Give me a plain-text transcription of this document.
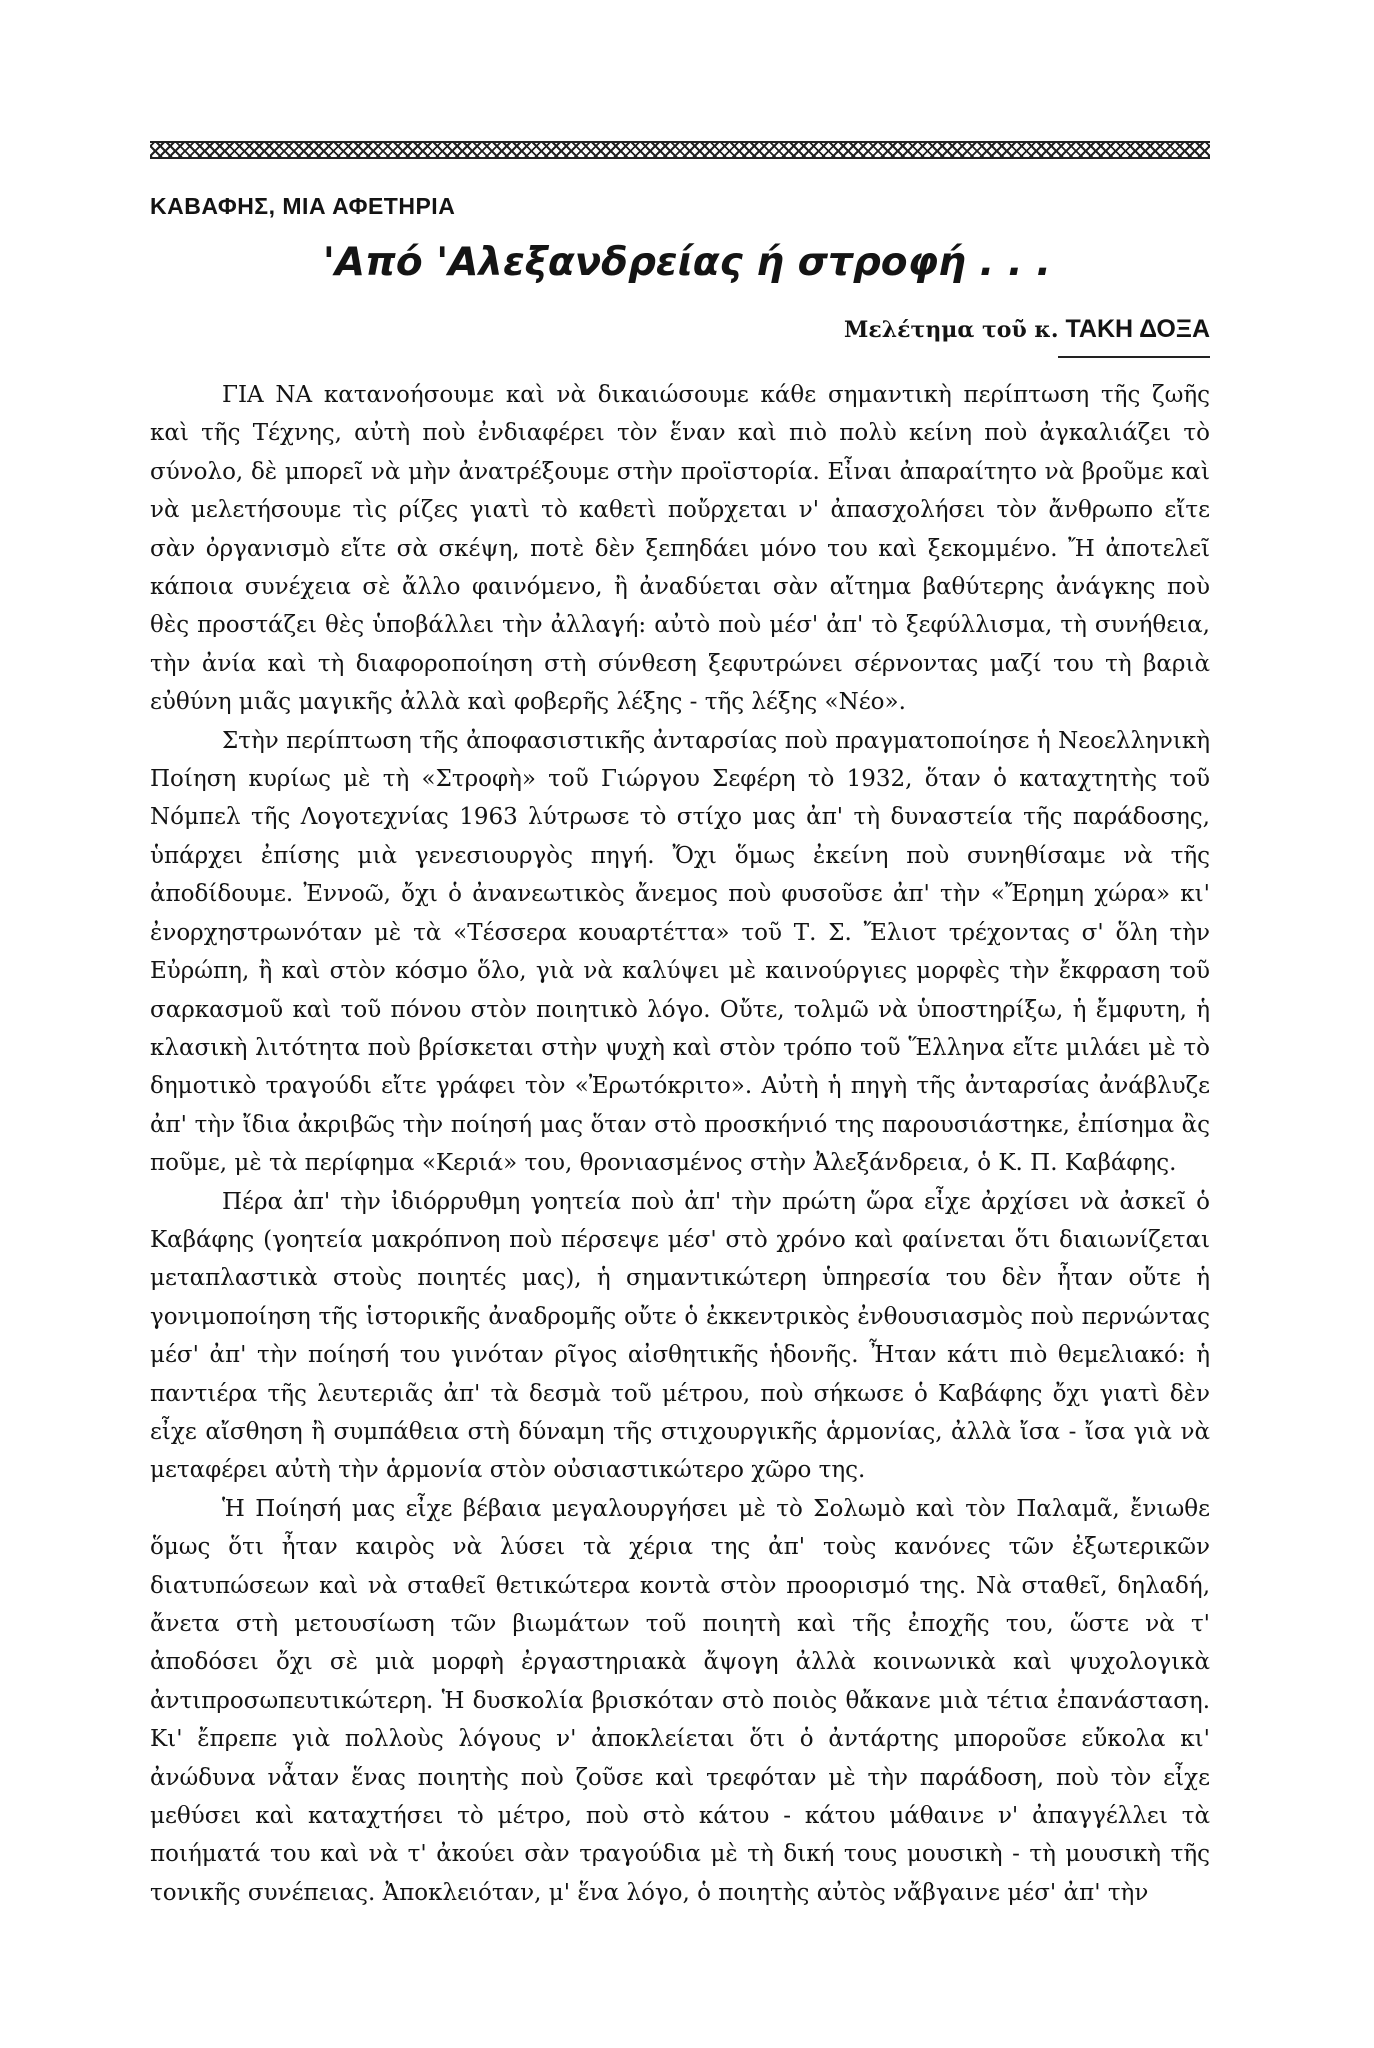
ΚΑΒΑΦΗΣ, ΜΙΑ ΑΦΕΤΗΡΙΑ
'Από 'Αλεξανδρείας ή στροφή . . .
Μελέτημα τοῦ κ. ΤΑΚΗ ΔΟΞΑ

ΓΙΑ ΝΑ κατανοήσουμε καὶ νὰ δικαιώσουμε κάθε σημαντικὴ περίπτωση τῆς ζωῆς καὶ τῆς Τέχνης, αὐτὴ ποὺ ἐνδιαφέρει τὸν ἕναν καὶ πιὸ πολὺ κείνη ποὺ ἀγκαλιάζει τὸ σύνολο, δὲ μπορεῖ νὰ μὴν ἀνατρέξουμε στὴν προϊστορία. Εἶναι ἀπαραίτητο νὰ βροῦμε καὶ νὰ μελετήσουμε τὶς ρίζες γιατὶ τὸ καθετὶ ποὔρχεται ν' ἀπασχολήσει τὸν ἄνθρωπο εἴτε σὰν ὀργανισμὸ εἴτε σὰ σκέψη, ποτὲ δὲν ξεπηδάει μόνο του καὶ ξεκομμένο. Ἤ ἀποτελεῖ κάποια συνέχεια σὲ ἄλλο φαινόμενο, ἢ ἀναδύεται σὰν αἴτημα βαθύτερης ἀνάγκης ποὺ θὲς προστάζει θὲς ὑποβάλλει τὴν ἀλλαγή: αὐτὸ ποὺ μέσ' ἀπ' τὸ ξεφύλλισμα, τὴ συνήθεια, τὴν ἀνία καὶ τὴ διαφοροποίηση στὴ σύνθεση ξεφυτρώνει σέρνοντας μαζί του τὴ βαριὰ εὐθύνη μιᾶς μαγικῆς ἀλλὰ καὶ φοβερῆς λέξης - τῆς λέξης «Νέο».

Στὴν περίπτωση τῆς ἀποφασιστικῆς ἀνταρσίας ποὺ πραγματοποίησε ἡ Νεοελληνικὴ Ποίηση κυρίως μὲ τὴ «Στροφὴ» τοῦ Γιώργου Σεφέρη τὸ 1932, ὅταν ὁ καταχτητὴς τοῦ Νόμπελ τῆς Λογοτεχνίας 1963 λύτρωσε τὸ στίχο μας ἀπ' τὴ δυναστεία τῆς παράδοσης, ὑπάρχει ἐπίσης μιὰ γενεσιουργὸς πηγή. Ὄχι ὅμως ἐκείνη ποὺ συνηθίσαμε νὰ τῆς ἀποδίδουμε. Ἐννοῶ, ὄχι ὁ ἀνανεωτικὸς ἄνεμος ποὺ φυσοῦσε ἀπ' τὴν «Ἔρημη χώρα» κι' ἐνορχηστρωνόταν μὲ τὰ «Τέσσερα κουαρτέττα» τοῦ Τ. Σ. Ἔλιοτ τρέχοντας σ' ὅλη τὴν Εὐρώπη, ἢ καὶ στὸν κόσμο ὅλο, γιὰ νὰ καλύψει μὲ καινούργιες μορφὲς τὴν ἔκφραση τοῦ σαρκασμοῦ καὶ τοῦ πόνου στὸν ποιητικὸ λόγο. Οὔτε, τολμῶ νὰ ὑποστηρίξω, ἡ ἔμφυτη, ἡ κλασικὴ λιτότητα ποὺ βρίσκεται στὴν ψυχὴ καὶ στὸν τρόπο τοῦ Ἕλληνα εἴτε μιλάει μὲ τὸ δημοτικὸ τραγούδι εἴτε γράφει τὸν «Ἐρωτόκριτο». Αὐτὴ ἡ πηγὴ τῆς ἀνταρσίας ἀνάβλυζε ἀπ' τὴν ἴδια ἀκριβῶς τὴν ποίησή μας ὅταν στὸ προσκήνιό της παρουσιάστηκε, ἐπίσημα ἂς ποῦμε, μὲ τὰ περίφημα «Κεριά» του, θρονιασμένος στὴν Ἀλεξάνδρεια, ὁ Κ. Π. Καβάφης.

Πέρα ἀπ' τὴν ἰδιόρρυθμη γοητεία ποὺ ἀπ' τὴν πρώτη ὥρα εἶχε ἀρχίσει νὰ ἀσκεῖ ὁ Καβάφης (γοητεία μακρόπνοη ποὺ πέρσεψε μέσ' στὸ χρόνο καὶ φαίνεται ὅτι διαιωνίζεται μεταπλαστικὰ στοὺς ποιητές μας), ἡ σημαντικώτερη ὑπηρεσία του δὲν ἦταν οὔτε ἡ γονιμοποίηση τῆς ἱστορικῆς ἀναδρομῆς οὔτε ὁ ἐκκεντρικὸς ἐνθουσιασμὸς ποὺ περνώντας μέσ' ἀπ' τὴν ποίησή του γινόταν ρῖγος αἰσθητικῆς ἡδονῆς. Ἦταν κάτι πιὸ θεμελιακό: ἡ παντιέρα τῆς λευτεριᾶς ἀπ' τὰ δεσμὰ τοῦ μέτρου, ποὺ σήκωσε ὁ Καβάφης ὄχι γιατὶ δὲν εἶχε αἴσθηση ἢ συμπάθεια στὴ δύναμη τῆς στιχουργικῆς ἁρμονίας, ἀλλὰ ἴσα - ἴσα γιὰ νὰ μεταφέρει αὐτὴ τὴν ἁρμονία στὸν οὐσιαστικώτερο χῶρο της.

Ἡ Ποίησή μας εἶχε βέβαια μεγαλουργήσει μὲ τὸ Σολωμὸ καὶ τὸν Παλαμᾶ, ἔνιωθε ὅμως ὅτι ἦταν καιρὸς νὰ λύσει τὰ χέρια της ἀπ' τοὺς κανόνες τῶν ἐξωτερικῶν διατυπώσεων καὶ νὰ σταθεῖ θετικώτερα κοντὰ στὸν προορισμό της. Νὰ σταθεῖ, δηλαδή, ἄνετα στὴ μετουσίωση τῶν βιωμάτων τοῦ ποιητὴ καὶ τῆς ἐποχῆς του, ὥστε νὰ τ' ἀποδόσει ὄχι σὲ μιὰ μορφὴ ἐργαστηριακὰ ἄψογη ἀλλὰ κοινωνικὰ καὶ ψυχολογικὰ ἀντιπροσωπευτικώτερη. Ἡ δυσκολία βρισκόταν στὸ ποιὸς θἄκανε μιὰ τέτια ἐπανάσταση. Κι' ἔπρεπε γιὰ πολλοὺς λόγους ν' ἀποκλείεται ὅτι ὁ ἀντάρτης μποροῦσε εὔκολα κι' ἀνώδυνα νἆταν ἕνας ποιητὴς ποὺ ζοῦσε καὶ τρεφόταν μὲ τὴν παράδοση, ποὺ τὸν εἶχε μεθύσει καὶ καταχτήσει τὸ μέτρο, ποὺ στὸ κάτου - κάτου μάθαινε ν' ἀπαγγέλλει τὰ ποιήματά του καὶ νὰ τ' ἀκούει σὰν τραγούδια μὲ τὴ δική τους μουσικὴ - τὴ μουσικὴ τῆς τονικῆς συνέπειας. Ἀποκλειόταν, μ' ἕνα λόγο, ὁ ποιητὴς αὐτὸς νἄβγαινε μέσ' ἀπ' τὴν
